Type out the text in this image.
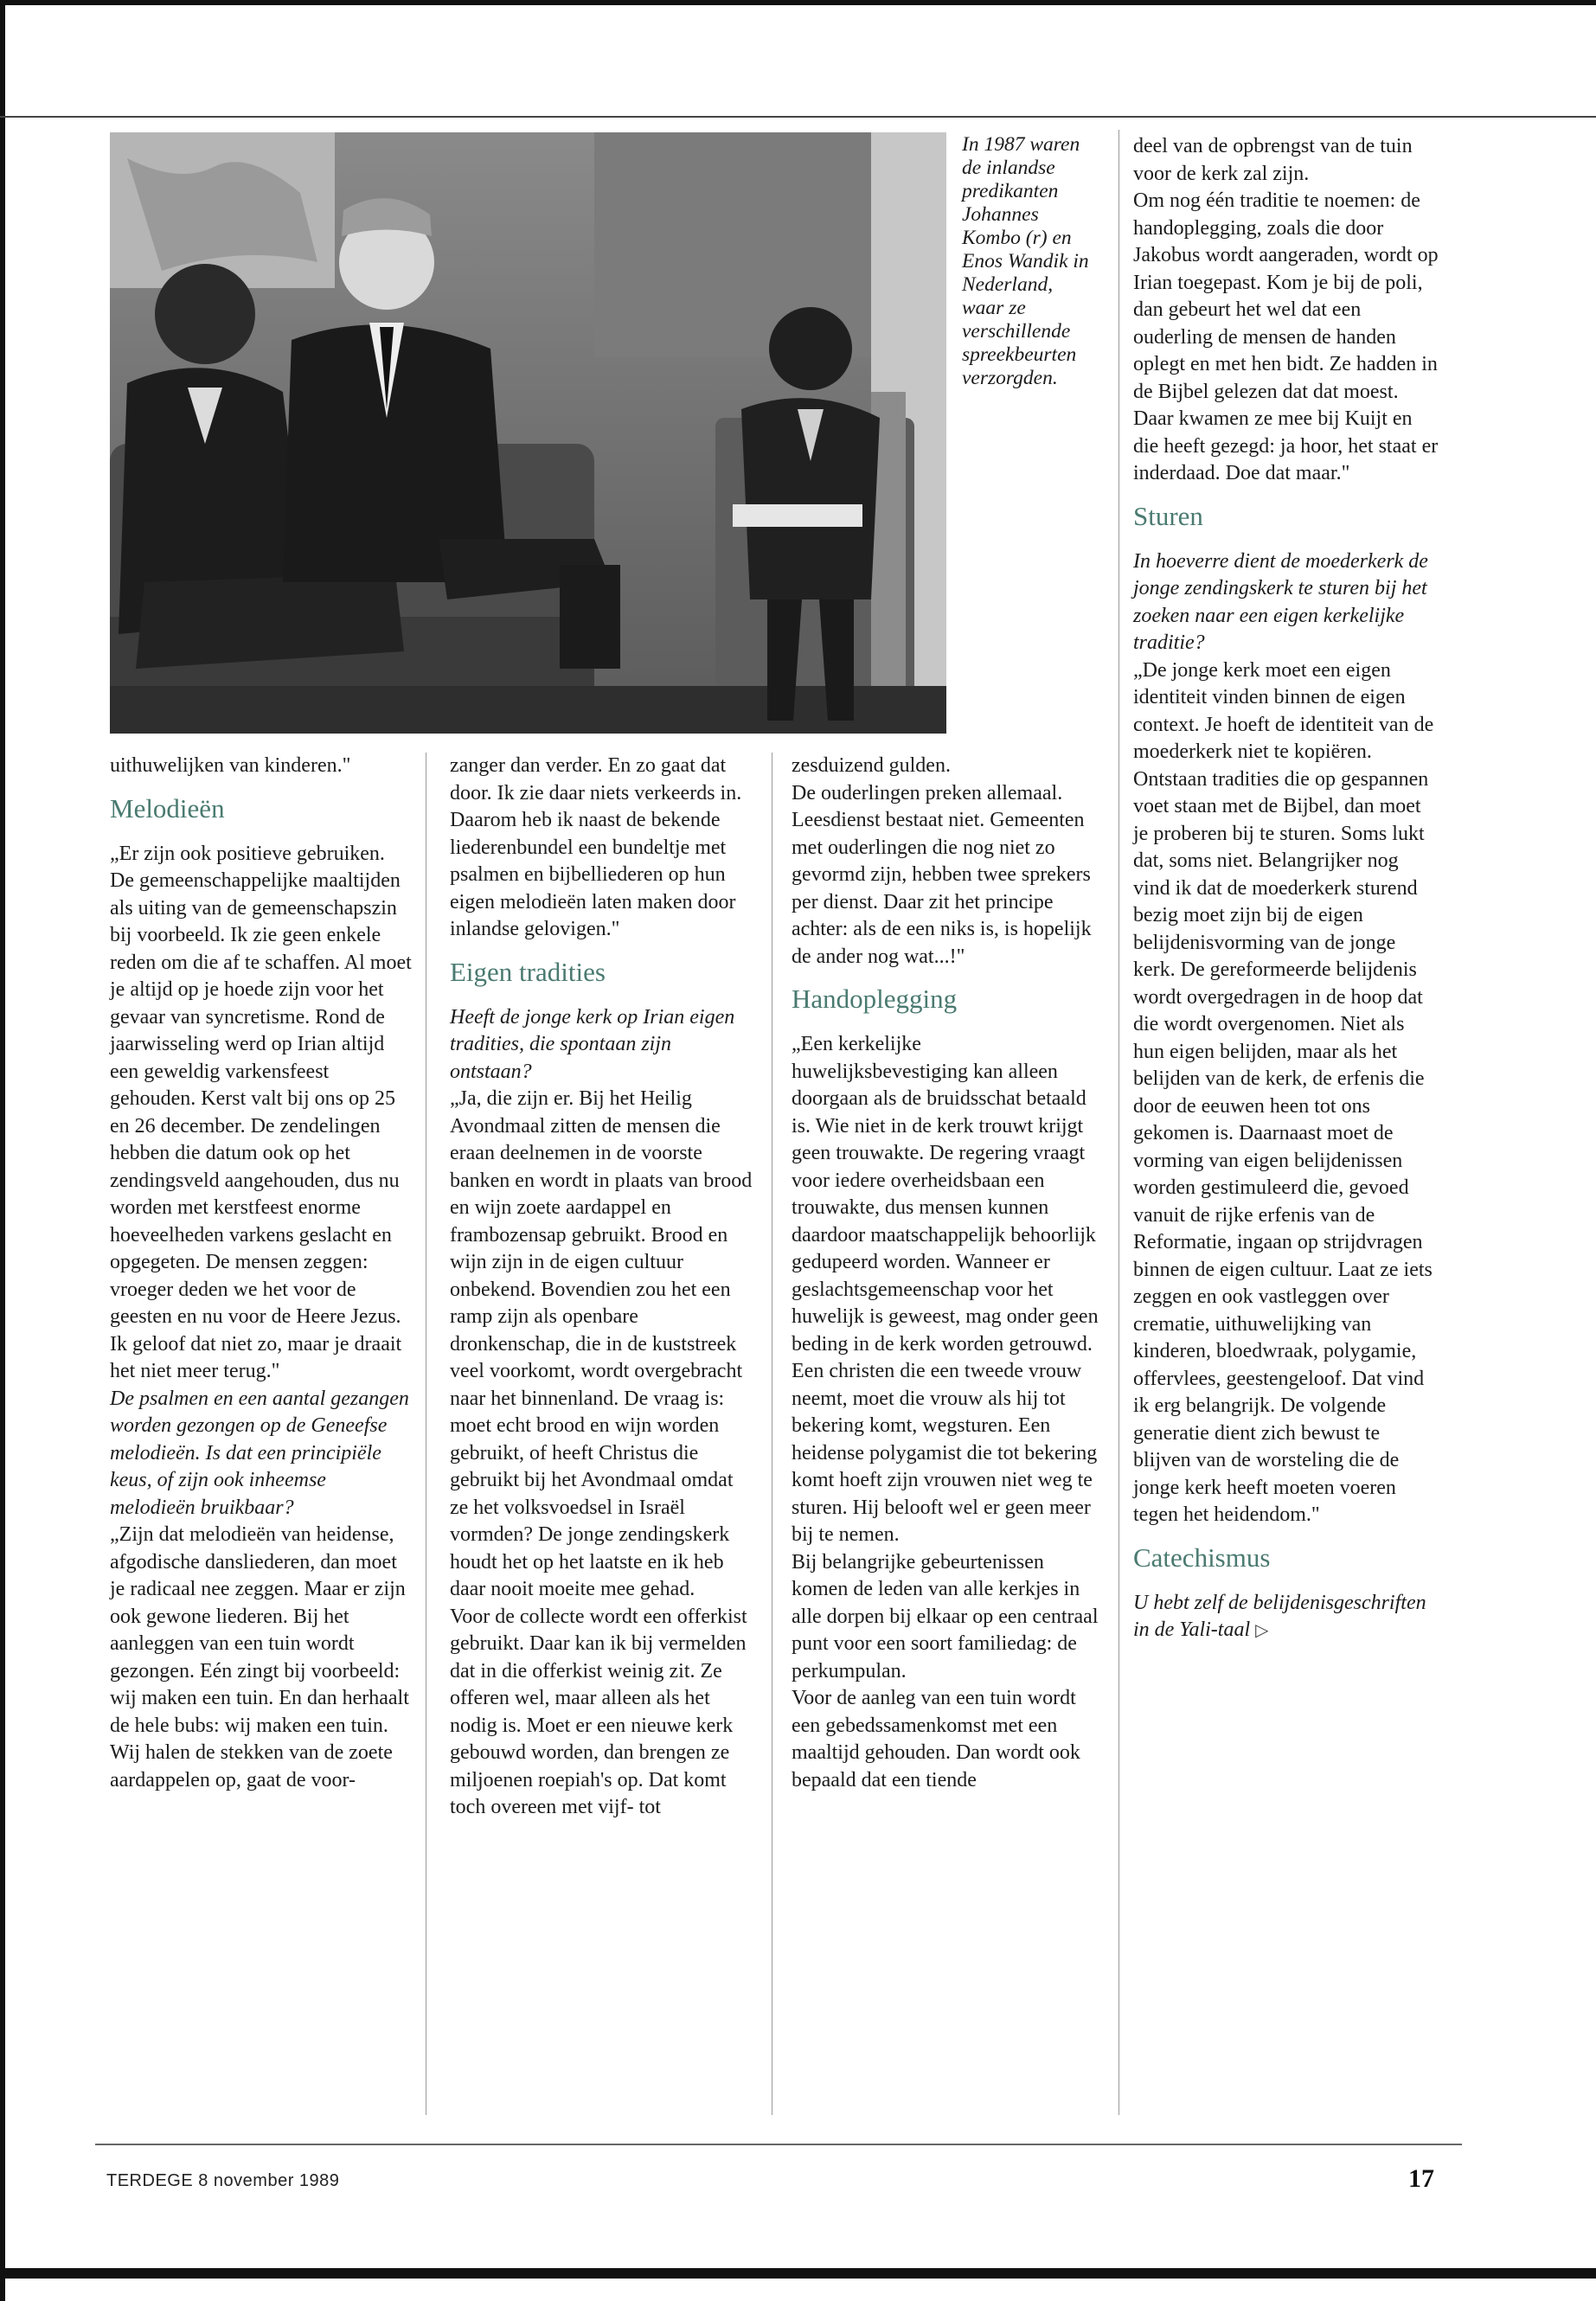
In 1987 waren de inlandse predikanten Johannes Kombo (r) en Enos Wandik in Nederland, waar ze verschillende spreekbeurten verzorgden.

uithuwelijken van kinderen."

Melodieën

„Er zijn ook positieve gebruiken. De gemeenschappelijke maaltijden als uiting van de gemeenschapszin bij voorbeeld. Ik zie geen enkele reden om die af te schaffen. Al moet je altijd op je hoede zijn voor het gevaar van syncretisme. Rond de jaarwisseling werd op Irian altijd een geweldig varkensfeest gehouden. Kerst valt bij ons op 25 en 26 december. De zendelingen hebben die datum ook op het zendingsveld aangehouden, dus nu worden met kerstfeest enorme hoeveelheden varkens geslacht en opgegeten. De mensen zeggen: vroeger deden we het voor de geesten en nu voor de Heere Jezus. Ik geloof dat niet zo, maar je draait het niet meer terug."

De psalmen en een aantal gezangen worden gezongen op de Geneefse melodieën. Is dat een principiële keus, of zijn ook inheemse melodieën bruikbaar?

„Zijn dat melodieën van heidense, afgodische dansliederen, dan moet je radicaal nee zeggen. Maar er zijn ook gewone liederen. Bij het aanleggen van een tuin wordt gezongen. Eén zingt bij voorbeeld: wij maken een tuin. En dan herhaalt de hele bubs: wij maken een tuin. Wij halen de stekken van de zoete aardappelen op, gaat de voor-

zanger dan verder. En zo gaat dat door. Ik zie daar niets verkeerds in. Daarom heb ik naast de bekende liederenbundel een bundeltje met psalmen en bijbelliederen op hun eigen melodieën laten maken door inlandse gelovigen."

Eigen tradities

Heeft de jonge kerk op Irian eigen tradities, die spontaan zijn ontstaan?

„Ja, die zijn er. Bij het Heilig Avondmaal zitten de mensen die eraan deelnemen in de voorste banken en wordt in plaats van brood en wijn zoete aardappel en frambozensap gebruikt. Brood en wijn zijn in de eigen cultuur onbekend. Bovendien zou het een ramp zijn als openbare dronkenschap, die in de kuststreek veel voorkomt, wordt overgebracht naar het binnenland. De vraag is: moet echt brood en wijn worden gebruikt, of heeft Christus die gebruikt bij het Avondmaal omdat ze het volksvoedsel in Israël vormden? De jonge zendingskerk houdt het op het laatste en ik heb daar nooit moeite mee gehad.

Voor de collecte wordt een offerkist gebruikt. Daar kan ik bij vermelden dat in die offerkist weinig zit. Ze offeren wel, maar alleen als het nodig is. Moet er een nieuwe kerk gebouwd worden, dan brengen ze miljoenen roepiah's op. Dat komt toch overeen met vijf- tot

zesduizend gulden.

De ouderlingen preken allemaal. Leesdienst bestaat niet. Gemeenten met ouderlingen die nog niet zo gevormd zijn, hebben twee sprekers per dienst. Daar zit het principe achter: als de een niks is, is hopelijk de ander nog wat...!"

Handoplegging

„Een kerkelijke huwelijksbevestiging kan alleen doorgaan als de bruidsschat betaald is. Wie niet in de kerk trouwt krijgt geen trouwakte. De regering vraagt voor iedere overheidsbaan een trouwakte, dus mensen kunnen daardoor maatschappelijk behoorlijk gedupeerd worden. Wanneer er geslachtsgemeenschap voor het huwelijk is geweest, mag onder geen beding in de kerk worden getrouwd.

Een christen die een tweede vrouw neemt, moet die vrouw als hij tot bekering komt, wegsturen. Een heidense polygamist die tot bekering komt hoeft zijn vrouwen niet weg te sturen. Hij belooft wel er geen meer bij te nemen.

Bij belangrijke gebeurtenissen komen de leden van alle kerkjes in alle dorpen bij elkaar op een centraal punt voor een soort familiedag: de perkumpulan.

Voor de aanleg van een tuin wordt een gebedssamenkomst met een maaltijd gehouden. Dan wordt ook bepaald dat een tiende

deel van de opbrengst van de tuin voor de kerk zal zijn.

Om nog één traditie te noemen: de handoplegging, zoals die door Jakobus wordt aangeraden, wordt op Irian toegepast. Kom je bij de poli, dan gebeurt het wel dat een ouderling de mensen de handen oplegt en met hen bidt. Ze hadden in de Bijbel gelezen dat dat moest. Daar kwamen ze mee bij Kuijt en die heeft gezegd: ja hoor, het staat er inderdaad. Doe dat maar."

Sturen

In hoeverre dient de moederkerk de jonge zendingskerk te sturen bij het zoeken naar een eigen kerkelijke traditie?

„De jonge kerk moet een eigen identiteit vinden binnen de eigen context. Je hoeft de identiteit van de moederkerk niet te kopiëren. Ontstaan tradities die op gespannen voet staan met de Bijbel, dan moet je proberen bij te sturen. Soms lukt dat, soms niet. Belangrijker nog vind ik dat de moederkerk sturend bezig moet zijn bij de eigen belijdenisvorming van de jonge kerk. De gereformeerde belijdenis wordt overgedragen in de hoop dat die wordt overgenomen. Niet als hun eigen belijden, maar als het belijden van de kerk, de erfenis die door de eeuwen heen tot ons gekomen is. Daarnaast moet de vorming van eigen belijdenissen worden gestimuleerd die, gevoed vanuit de rijke erfenis van de Reformatie, ingaan op strijdvragen binnen de eigen cultuur. Laat ze iets zeggen en ook vastleggen over crematie, uithuwelijking van kinderen, bloedwraak, polygamie, offervlees, geestengeloof. Dat vind ik erg belangrijk. De volgende generatie dient zich bewust te blijven van de worsteling die de jonge kerk heeft moeten voeren tegen het heidendom."

Catechismus

U hebt zelf de belijdenisgeschriften in de Yali-taal ▷

TERDEGE 8 november 1989	17
